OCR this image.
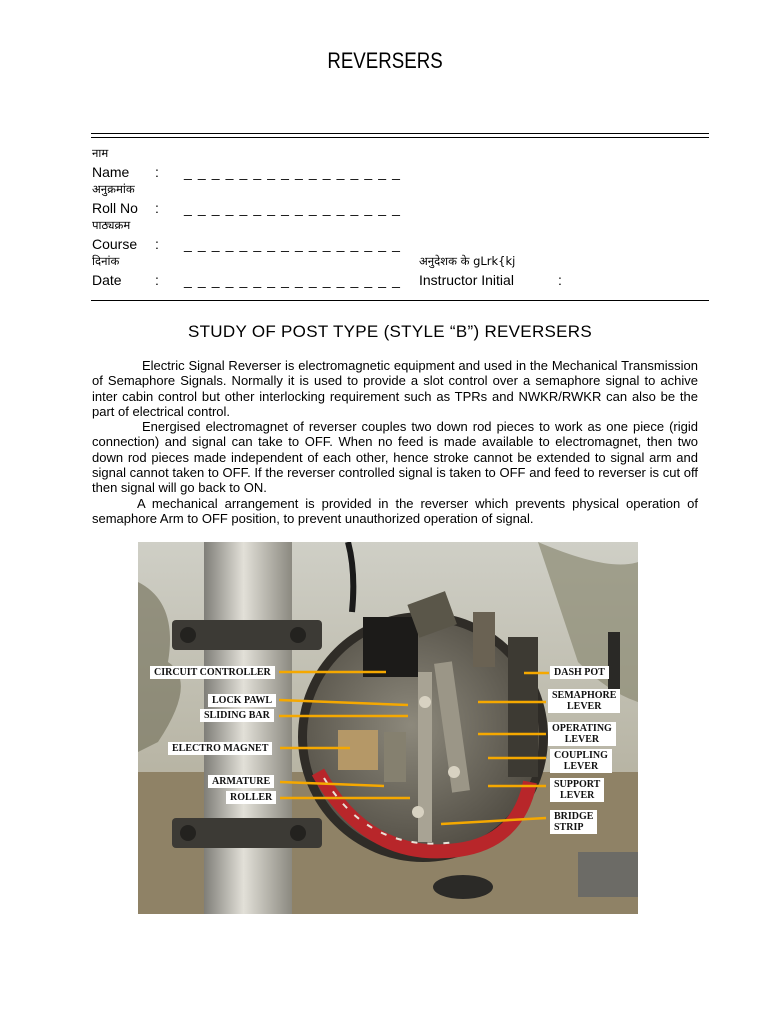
REVERSERS
नाम
Name : _ _ _ _ _ _ _ _ _ _ _ _ _ _ _ _
अनुक्रमांक
Roll No : _ _ _ _ _ _ _ _ _ _ _ _ _ _ _ _
पाठ्यक्रम
Course : _ _ _ _ _ _ _ _ _ _ _ _ _ _ _ _
दिनांक	अनुदेशक के gLrk{kj
Date : _ _ _ _ _ _ _ _ _ _ _ _ _ _ _ _ Instructor Initial	:
STUDY OF POST TYPE (STYLE “B”) REVERSERS

Electric Signal Reverser is electromagnetic equipment and used in the Mechanical Transmission of Semaphore Signals. Normally it is used to provide a slot control over a semaphore signal to achive inter cabin control but other interlocking requirement such as TPRs and NWKR/RWKR can also be the part of electrical control.

Energised electromagnet of reverser couples two down rod pieces to work as one piece (rigid connection) and signal can take to OFF. When no feed is made available to electromagnet, then two down rod pieces made independent of each other, hence stroke cannot be extended to signal arm and signal cannot taken to OFF. If the reverser controlled signal is taken to OFF and feed to reverser is cut off then signal will go back to ON.

A mechanical arrangement is provided in the reverser which prevents physical operation of semaphore Arm to OFF position, to prevent unauthorized operation of signal.

CIRCUIT CONTROLLER
LOCK PAWL
SLIDING BAR
ELECTRO MAGNET
ARMATURE
ROLLER
DASH POT
SEMAPHORE
LEVER
OPERATING
LEVER
COUPLING
LEVER
SUPPORT
LEVER
BRIDGE
STRIP
